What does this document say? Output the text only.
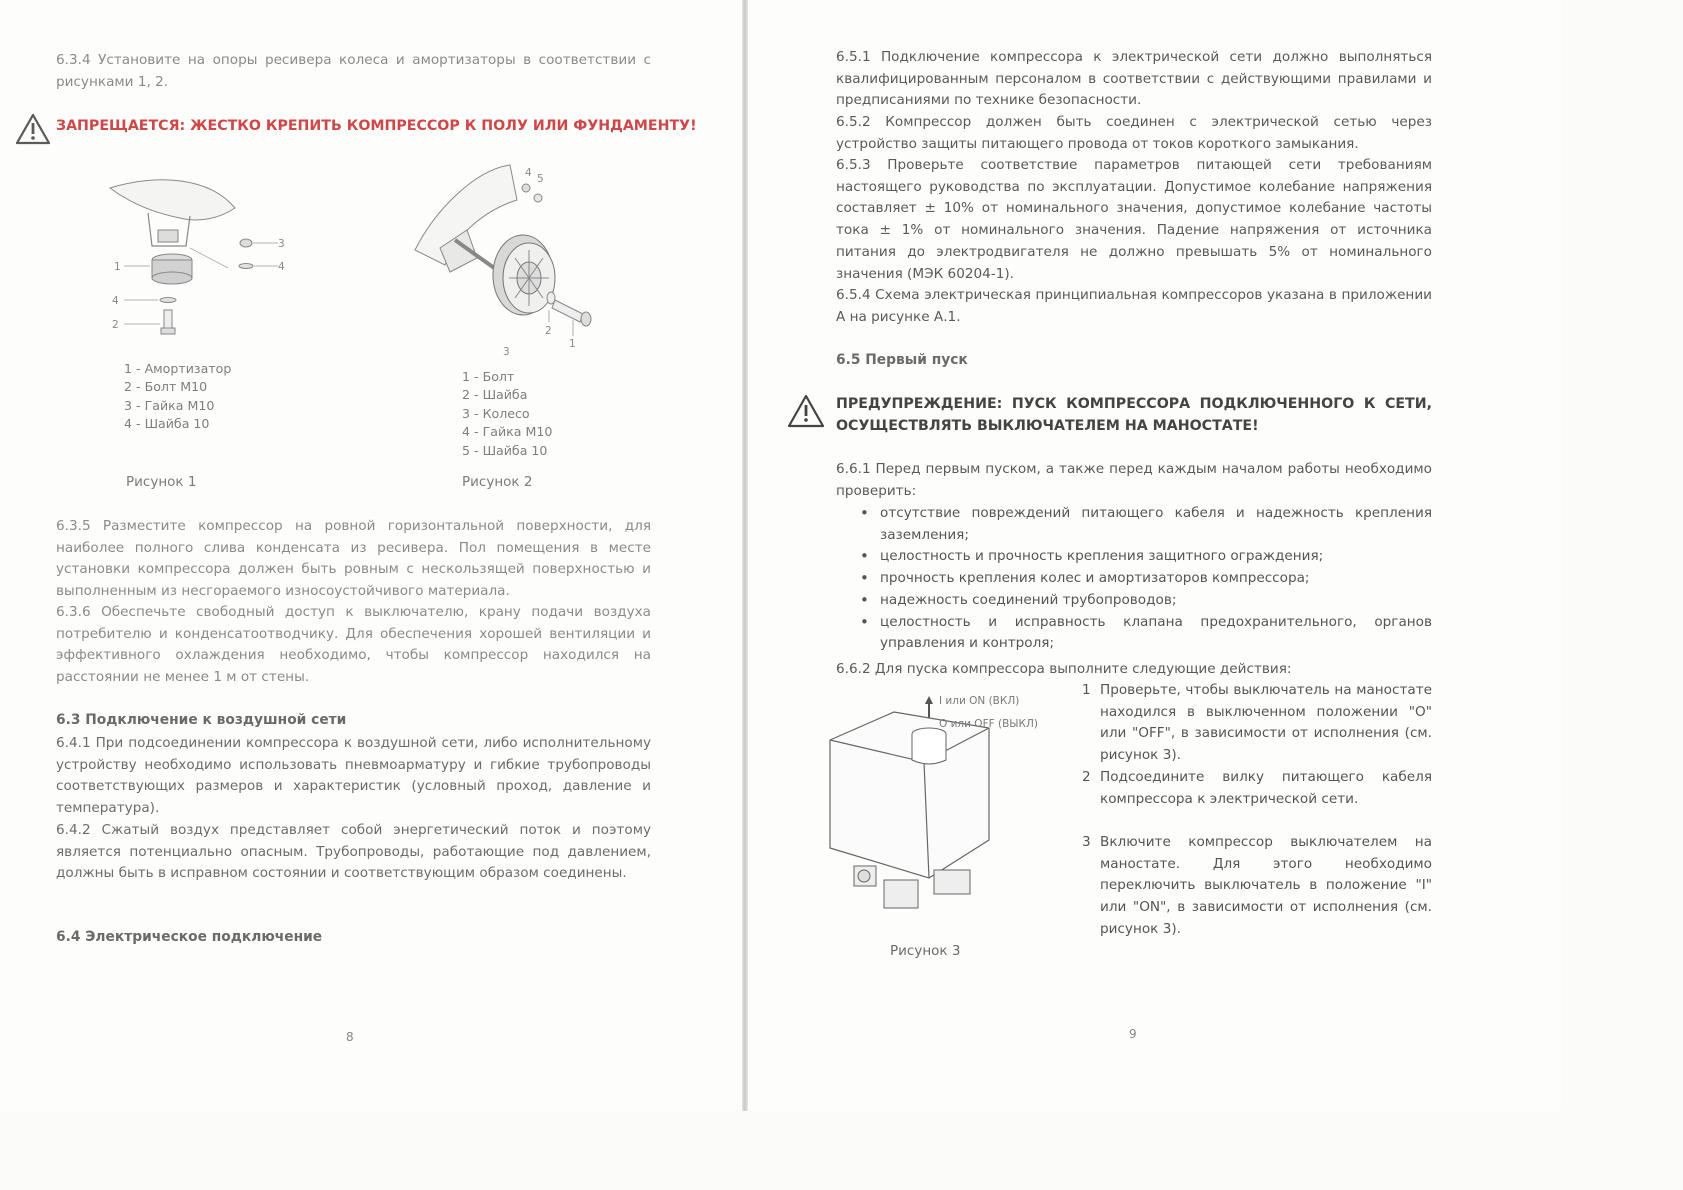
6.3.4 Установите на опоры ресивера колеса и амортизаторы в соответствии с рисунками 1, 2.

ЗАПРЕЩАЕТСЯ: ЖЕСТКО КРЕПИТЬ КОМПРЕССОР К ПОЛУ ИЛИ ФУНДАМЕНТУ!
3
4
1
4
2
1 - Амортизатор
2 - Болт М10
3 - Гайка М10
4 - Шайба 10
Рисунок 1
4 5
2
1
3
1 - Болт
2 - Шайба
3 - Колесо
4 - Гайка М10
5 - Шайба 10
Рисунок 2

6.3.5 Разместите компрессор на ровной горизонтальной поверхности, для наиболее полного слива конденсата из ресивера. Пол помещения в месте установки компрессора должен быть ровным с нескользящей поверхностью и выполненным из несгораемого износоустойчивого материала.

6.3.6 Обеспечьте свободный доступ к выключателю, крану подачи воздуха потребителю и конденсатоотводчику. Для обеспечения хорошей вентиляции и эффективного охлаждения необходимо, чтобы компрессор находился на расстоянии не менее 1 м от стены.

6.3 Подключение к воздушной сети

6.4.1 При подсоединении компрессора к воздушной сети, либо исполнительному устройству необходимо использовать пневмоарматуру и гибкие трубопроводы соответствующих размеров и характеристик (условный проход, давление и температура).

6.4.2 Сжатый воздух представляет собой энергетический поток и поэтому является потенциально опасным. Трубопроводы, работающие под давлением, должны быть в исправном состоянии и соответствующим образом соединены.

6.4 Электрическое подключение
8

6.5.1 Подключение компрессора к электрической сети должно выполняться квалифицированным персоналом в соответствии с действующими правилами и предписаниями по технике безопасности.

6.5.2 Компрессор должен быть соединен с электрической сетью через устройство защиты питающего провода от токов короткого замыкания.

6.5.3 Проверьте соответствие параметров питающей сети требованиям настоящего руководства по эксплуатации. Допустимое колебание напряжения составляет ± 10% от номинального значения, допустимое колебание частоты тока ± 1% от номинального значения. Падение напряжения от источника питания до электродвигателя не должно превышать 5% от номинального значения (МЭК 60204-1).

6.5.4 Схема электрическая принципиальная компрессоров указана в приложении А на рисунке А.1.

6.5 Первый пуск
ПРЕДУПРЕЖДЕНИЕ: ПУСК КОМПРЕССОРА ПОДКЛЮЧЕННОГО К СЕТИ, ОСУЩЕСТВЛЯТЬ ВЫКЛЮЧАТЕЛЕМ НА МАНОСТАТЕ!

6.6.1 Перед первым пуском, а также перед каждым началом работы необходимо проверить:

• отсутствие повреждений питающего кабеля и надежность крепления заземления;
• целостность и прочность крепления защитного ограждения;
• прочность крепления колес и амортизаторов компрессора;
• надежность соединений трубопроводов;
• целостность и исправность клапана предохранительного, органов управления и контроля;

6.6.2 Для пуска компрессора выполните следующие действия:

I или ON (ВКЛ)
O или OFF (ВЫКЛ)
Рисунок 3
1 Проверьте, чтобы выключатель на маностате находился в выключенном положении "O" или "OFF", в зависимости от исполнения (см. рисунок 3).
2 Подсоедините вилку питающего кабеля компрессора к электрической сети.
3 Включите компрессор выключателем на маностате. Для этого необходимо переключить выключатель в положение "I" или "ON", в зависимости от исполнения (см. рисунок 3).
9
